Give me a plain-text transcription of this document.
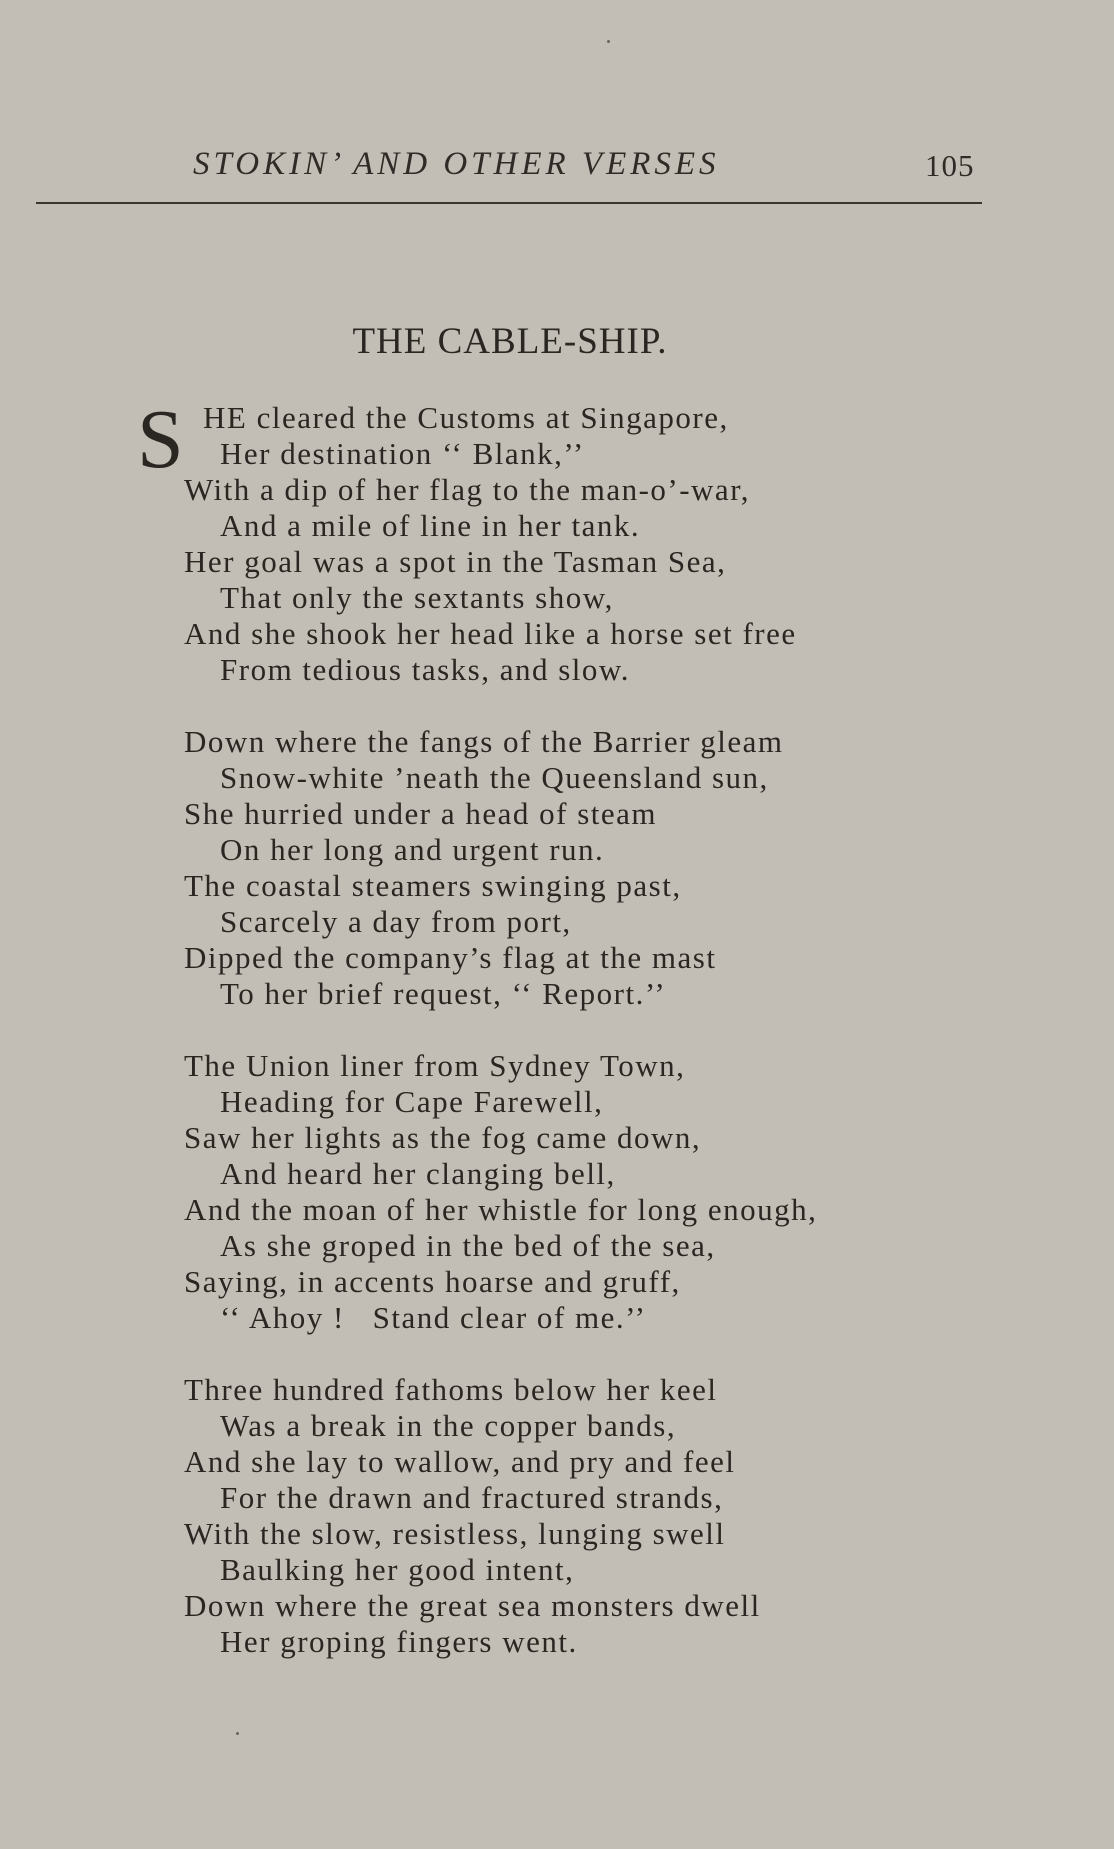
STOKIN’ AND OTHER VERSES	105
THE CABLE-SHIP.
S HE cleared the Customs at Singapore,
Her destination ‘‘ Blank,’’
With a dip of her flag to the man-o’-war,
And a mile of line in her tank.
Her goal was a spot in the Tasman Sea,
That only the sextants show,
And she shook her head like a horse set free
From tedious tasks, and slow.
Down where the fangs of the Barrier gleam
Snow-white ’neath the Queensland sun,
She hurried under a head of steam
On her long and urgent run.
The coastal steamers swinging past,
Scarcely a day from port,
Dipped the company’s flag at the mast
To her brief request, ‘‘ Report.’’
The Union liner from Sydney Town,
Heading for Cape Farewell,
Saw her lights as the fog came down,
And heard her clanging bell,
And the moan of her whistle for long enough,
As she groped in the bed of the sea,
Saying, in accents hoarse and gruff,
‘‘ Ahoy !   Stand clear of me.’’
Three hundred fathoms below her keel
Was a break in the copper bands,
And she lay to wallow, and pry and feel
For the drawn and fractured strands,
With the slow, resistless, lunging swell
Baulking her good intent,
Down where the great sea monsters dwell
Her groping fingers went.
